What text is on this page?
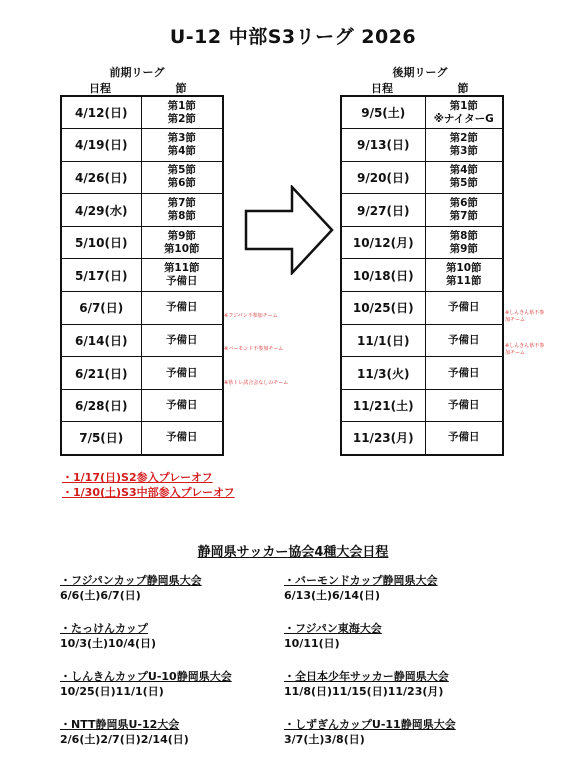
U-12 中部S3リーグ 2026
前期リーグ
日程	節
4/12(日)	第1節
第2節

4/19(日)	第3節
第4節

4/26(日)	第5節
第6節

4/29(水)	第7節
第8節

5/10(日)	第9節
第10節

5/17(日)	第11節
予備日

6/7(日)	予備日

6/14(日)	予備日

6/21(日)	予備日

6/28(日)	予備日

7/5(日)	予備日
後期リーグ
日程	節
9/5(土)	第1節
※ナイターG

9/13(日)	第2節
第3節

9/20(日)	第4節
第5節

9/27(日)	第6節
第7節

10/12(月)	第8節
第9節

10/18(日)	第10節
第11節

10/25(日)	予備日

11/1(日)	予備日

11/3(火)	予備日

11/21(土)	予備日

11/23(月)	予備日
※フジパン不参加チーム
※バーモンド不参加チーム
※県トレ試合会なしのチーム
※しんきん県不参加チーム
※しんきん県不参加チーム
・1/17(日)S2参入プレーオフ
・1/30(土)S3中部参入プレーオフ
静岡県サッカー協会4種大会日程
・フジパンカップ静岡県大会
6/6(土)6/7(日)
・バーモンドカップ静岡県大会
6/13(土)6/14(日)
・たっけんカップ
10/3(土)10/4(日)
・フジパン東海大会
10/11(日)
・しんきんカップU-10静岡県大会
10/25(日)11/1(日)
・全日本少年サッカー静岡県大会
11/8(日)11/15(日)11/23(月)
・NTT静岡県U-12大会
2/6(土)2/7(日)2/14(日)
・しずぎんカップU-11静岡県大会
3/7(土)3/8(日)
